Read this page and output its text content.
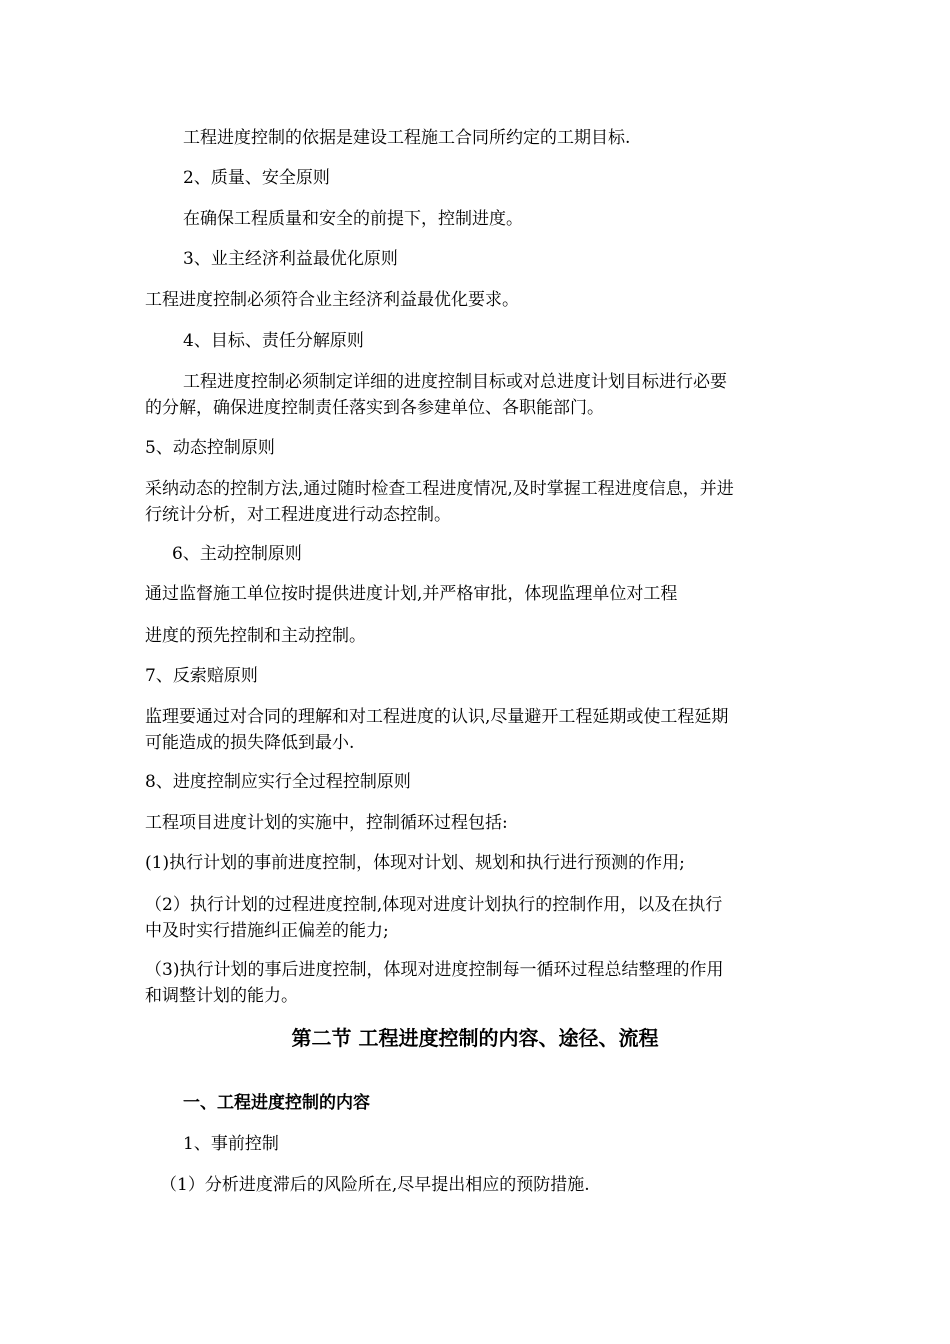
工程进度控制的依据是建设工程施工合同所约定的工期目标.
2、质量、安全原则
在确保工程质量和安全的前提下，控制进度。
3、业主经济利益最优化原则
工程进度控制必须符合业主经济利益最优化要求。
4、目标、责任分解原则
工程进度控制必须制定详细的进度控制目标或对总进度计划目标进行必要
的分解，确保进度控制责任落实到各参建单位、各职能部门。
5、动态控制原则
采纳动态的控制方法,通过随时检查工程进度情况,及时掌握工程进度信息，并进
行统计分析，对工程进度进行动态控制。
6、主动控制原则
通过监督施工单位按时提供进度计划,并严格审批，体现监理单位对工程
进度的预先控制和主动控制。
7、反索赔原则
监理要通过对合同的理解和对工程进度的认识,尽量避开工程延期或使工程延期
可能造成的损失降低到最小.
8、进度控制应实行全过程控制原则
工程项目进度计划的实施中，控制循环过程包括:
(1)执行计划的事前进度控制，体现对计划、规划和执行进行预测的作用;
（2）执行计划的过程进度控制,体现对进度计划执行的控制作用，以及在执行
中及时实行措施纠正偏差的能力;
（3)执行计划的事后进度控制，体现对进度控制每一循环过程总结整理的作用
和调整计划的能力。
第二节 工程进度控制的内容、途径、流程
一、工程进度控制的内容
1、事前控制
（1）分析进度滞后的风险所在,尽早提出相应的预防措施.
